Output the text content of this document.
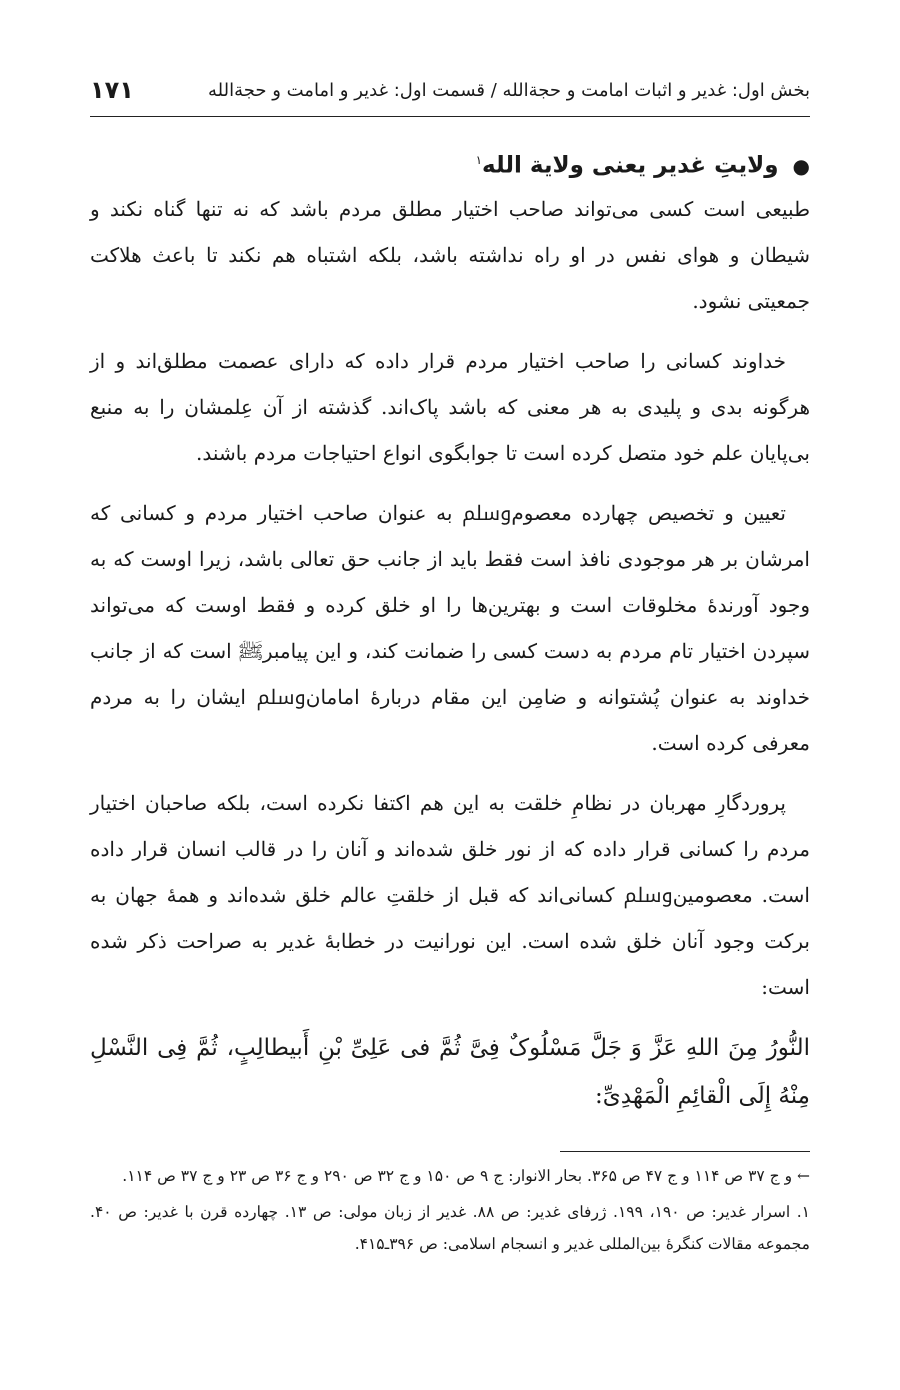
بخش اول: غدیر و اثبات امامت و حجةالله / قسمت اول: غدیر و امامت و حجةالله
۱۷۱
●ولایتِ غدیر یعنی ولایة الله$^۱$

طبیعی است کسی می‌تواند صاحب اختیار مطلق مردم باشد که نه تنها گناه نکند و شیطان و هوای نفس در او راه نداشته باشد، بلکه اشتباه هم نکند تا باعث هلاکت جمعیتی نشود.

خداوند کسانی را صاحب اختیار مردم قرار داده که دارای عصمت مطلق‌اند و از هرگونه بدی و پلیدی به هر معنی که باشد پاک‌اند. گذشته از آن عِلمشان را به منبع بی‌پایان علم خود متصل کرده است تا جوابگوی انواع احتیاجات مردم باشند.

تعیین و تخصیص چهارده معصومﷸ به عنوان صاحب اختیار مردم و کسانی که امرشان بر هر موجودی نافذ است فقط باید از جانب حق تعالی باشد، زیرا اوست که به وجود آورندهٔ مخلوقات است و بهترین‌ها را او خلق کرده و فقط اوست که می‌تواند سپردن اختیار تام مردم به دست کسی را ضمانت کند، و این پیامبرﷺ است که از جانب خداوند به عنوان پُشتوانه و ضامِن این مقام دربارهٔ امامانﷸ ایشان را به مردم معرفی کرده است.

پروردگارِ مهربان در نظامِ خلقت به این هم اکتفا نکرده است، بلکه صاحبان اختیار مردم را کسانی قرار داده که از نور خلق شده‌اند و آنان را در قالب انسان قرار داده است. معصومینﷸ کسانی‌اند که قبل از خلقتِ عالم خلق شده‌اند و همهٔ جهان به برکت وجود آنان خلق شده است. این نورانیت در خطابهٔ غدیر به صراحت ذکر شده است:

النُّورُ مِنَ اللهِ عَزَّ وَ جَلَّ مَسْلُوکٌ فِیَّ ثُمَّ فی عَلِیِّ بْنِ أَبیطالِبٍ، ثُمَّ فِی النَّسْلِ مِنْهُ إِلَی الْقائِمِ الْمَهْدِیِّ:

← و ج ۳۷ ص ۱۱۴ و ج ۴۷ ص ۳۶۵. بحار الانوار: ج ۹ ص ۱۵۰ و ج ۳۲ ص ۲۹۰ و ج ۳۶ ص ۲۳ و ج ۳۷ ص ۱۱۴.

۱. اسرار غدیر: ص ۱۹۰، ۱۹۹. ژرفای غدیر: ص ۸۸. غدیر از زبان مولی: ص ۱۳. چهارده قرن با غدیر: ص ۴۰. مجموعه مقالات کنگرهٔ بین‌المللی غدیر و انسجام اسلامی: ص ۳۹۶ـ۴۱۵.
